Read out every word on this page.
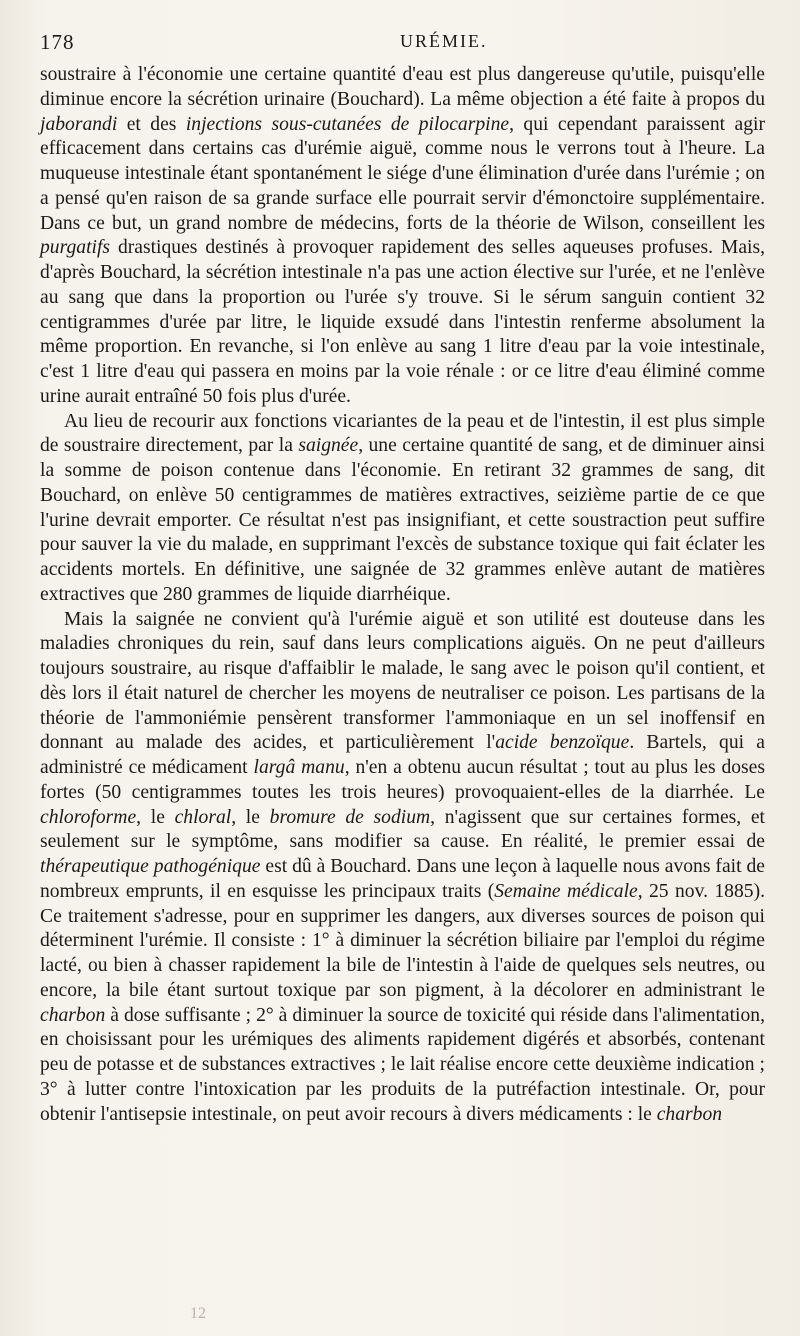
178	URÉMIE.

soustraire à l'économie une certaine quantité d'eau est plus dangereuse qu'utile, puisqu'elle diminue encore la sécrétion urinaire (Bouchard). La même objection a été faite à propos du jaborandi et des injections sous-cutanées de pilocarpine, qui cependant paraissent agir efficacement dans certains cas d'urémie aiguë, comme nous le verrons tout à l'heure. La muqueuse intestinale étant spontanément le siége d'une élimination d'urée dans l'urémie ; on a pensé qu'en raison de sa grande surface elle pourrait servir d'émonctoire supplémentaire. Dans ce but, un grand nombre de médecins, forts de la théorie de Wilson, conseillent les purgatifs drastiques destinés à provoquer rapidement des selles aqueuses profuses. Mais, d'après Bouchard, la sécrétion intestinale n'a pas une action élective sur l'urée, et ne l'enlève au sang que dans la proportion ou l'urée s'y trouve. Si le sérum sanguin contient 32 centigrammes d'urée par litre, le liquide exsudé dans l'intestin renferme absolument la même proportion. En revanche, si l'on enlève au sang 1 litre d'eau par la voie intestinale, c'est 1 litre d'eau qui passera en moins par la voie rénale : or ce litre d'eau éliminé comme urine aurait entraîné 50 fois plus d'urée.

Au lieu de recourir aux fonctions vicariantes de la peau et de l'intestin, il est plus simple de soustraire directement, par la saignée, une certaine quantité de sang, et de diminuer ainsi la somme de poison contenue dans l'économie. En retirant 32 grammes de sang, dit Bouchard, on enlève 50 centigrammes de matières extractives, seizième partie de ce que l'urine devrait emporter. Ce résultat n'est pas insignifiant, et cette soustraction peut suffire pour sauver la vie du malade, en supprimant l'excès de substance toxique qui fait éclater les accidents mortels. En définitive, une saignée de 32 grammes enlève autant de matières extractives que 280 grammes de liquide diarrhéique.

Mais la saignée ne convient qu'à l'urémie aiguë et son utilité est douteuse dans les maladies chroniques du rein, sauf dans leurs complications aiguës. On ne peut d'ailleurs toujours soustraire, au risque d'affaiblir le malade, le sang avec le poison qu'il contient, et dès lors il était naturel de chercher les moyens de neutraliser ce poison. Les partisans de la théorie de l'ammoniémie pensèrent transformer l'ammoniaque en un sel inoffensif en donnant au malade des acides, et particulièrement l'acide benzoïque. Bartels, qui a administré ce médicament largâ manu, n'en a obtenu aucun résultat ; tout au plus les doses fortes (50 centigrammes toutes les trois heures) provoquaient-elles de la diarrhée. Le chloroforme, le chloral, le bromure de sodium, n'agissent que sur certaines formes, et seulement sur le symptôme, sans modifier sa cause. En réalité, le premier essai de thérapeutique pathogénique est dû à Bouchard. Dans une leçon à laquelle nous avons fait de nombreux emprunts, il en esquisse les principaux traits (Semaine médicale, 25 nov. 1885). Ce traitement s'adresse, pour en supprimer les dangers, aux diverses sources de poison qui déterminent l'urémie. Il consiste : 1° à diminuer la sécrétion biliaire par l'emploi du régime lacté, ou bien à chasser rapidement la bile de l'intestin à l'aide de quelques sels neutres, ou encore, la bile étant surtout toxique par son pigment, à la décolorer en administrant le charbon à dose suffisante ; 2° à diminuer la source de toxicité qui réside dans l'alimentation, en choisissant pour les urémiques des aliments rapidement digérés et absorbés, contenant peu de potasse et de substances extractives ; le lait réalise encore cette deuxième indication ; 3° à lutter contre l'intoxication par les produits de la putréfaction intestinale. Or, pour obtenir l'antisepsie intestinale, on peut avoir recours à divers médicaments : le charbon

12
